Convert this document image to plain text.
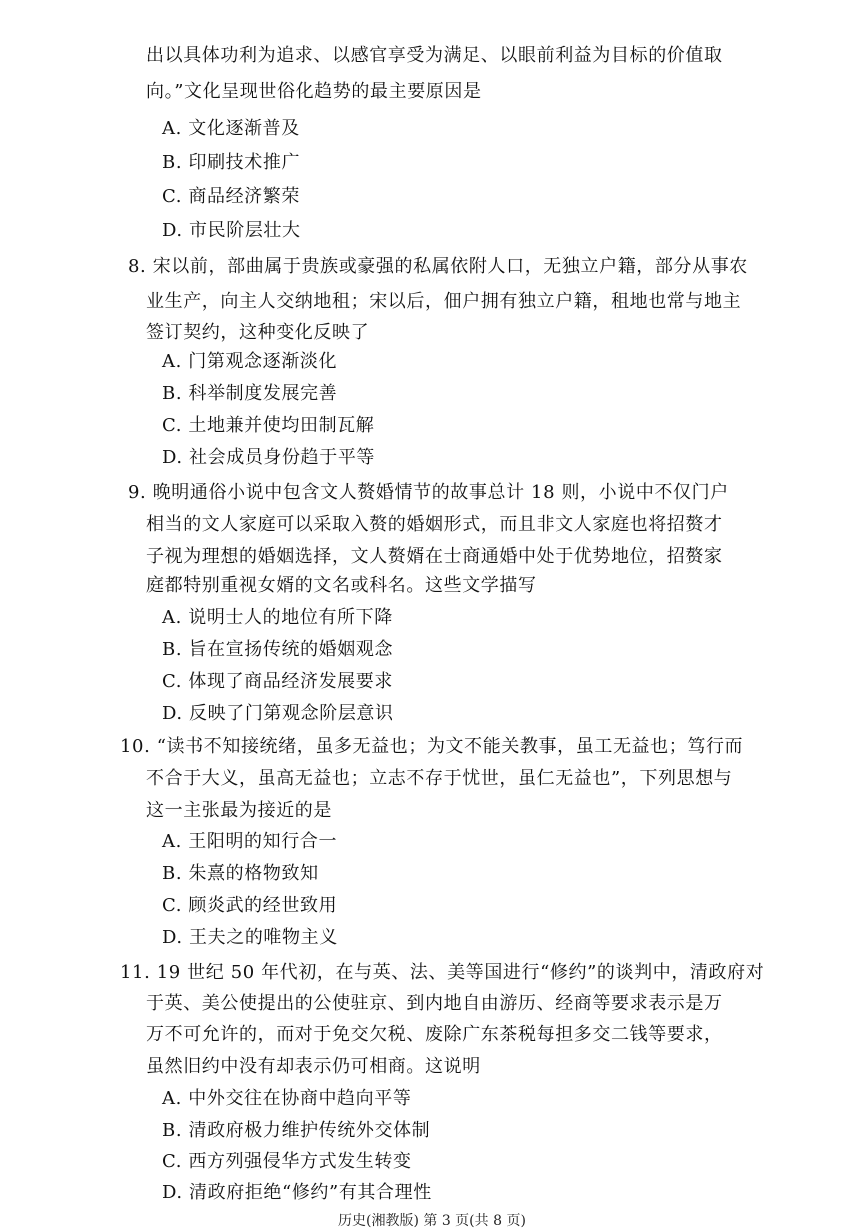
出以具体功利为追求、以感官享受为满足、以眼前利益为目标的价值取
向。”文化呈现世俗化趋势的最主要原因是
A. 文化逐渐普及
B. 印刷技术推广
C. 商品经济繁荣
D. 市民阶层壮大
8. 宋以前，部曲属于贵族或豪强的私属依附人口，无独立户籍，部分从事农
业生产，向主人交纳地租；宋以后，佃户拥有独立户籍，租地也常与地主
签订契约，这种变化反映了
A. 门第观念逐渐淡化
B. 科举制度发展完善
C. 土地兼并使均田制瓦解
D. 社会成员身份趋于平等
9. 晚明通俗小说中包含文人赘婚情节的故事总计 18 则，小说中不仅门户
相当的文人家庭可以采取入赘的婚姻形式，而且非文人家庭也将招赘才
子视为理想的婚姻选择，文人赘婿在士商通婚中处于优势地位，招赘家
庭都特别重视女婿的文名或科名。这些文学描写
A. 说明士人的地位有所下降
B. 旨在宣扬传统的婚姻观念
C. 体现了商品经济发展要求
D. 反映了门第观念阶层意识
10. “读书不知接统绪，虽多无益也；为文不能关教事，虽工无益也；笃行而
不合于大义，虽高无益也；立志不存于忧世，虽仁无益也”，下列思想与
这一主张最为接近的是
A. 王阳明的知行合一
B. 朱熹的格物致知
C. 顾炎武的经世致用
D. 王夫之的唯物主义
11. 19 世纪 50 年代初，在与英、法、美等国进行“修约”的谈判中，清政府对
于英、美公使提出的公使驻京、到内地自由游历、经商等要求表示是万
万不可允许的，而对于免交欠税、废除广东茶税每担多交二钱等要求，
虽然旧约中没有却表示仍可相商。这说明
A. 中外交往在协商中趋向平等
B. 清政府极力维护传统外交体制
C. 西方列强侵华方式发生转变
D. 清政府拒绝“修约”有其合理性
历史(湘教版) 第 3 页(共 8 页)
